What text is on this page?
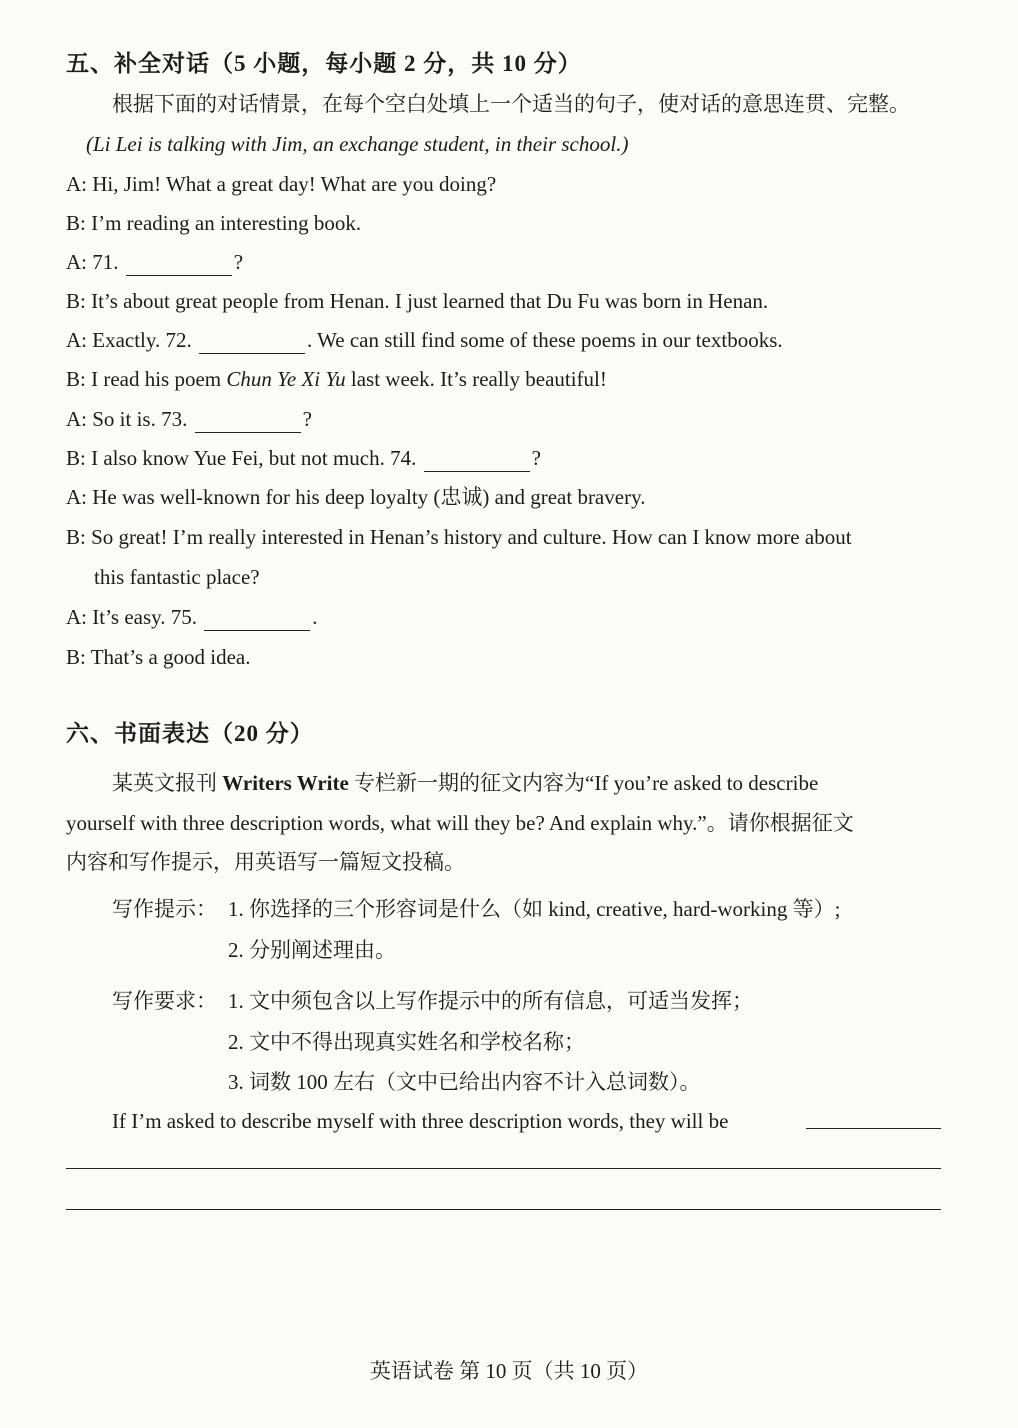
五、补全对话（5 小题，每小题 2 分，共 10 分）
根据下面的对话情景，在每个空白处填上一个适当的句子，使对话的意思连贯、完整。
(Li Lei is talking with Jim, an exchange student, in their school.)
A: Hi, Jim! What a great day! What are you doing?
B: I’m reading an interesting book.
A: 71.	?
B: It’s about great people from Henan. I just learned that Du Fu was born in Henan.
A: Exactly. 72.	. We can still find some of these poems in our textbooks.
B: I read his poem Chun Ye Xi Yu last week. It’s really beautiful!
A: So it is. 73.	?
B: I also know Yue Fei, but not much. 74.	?
A: He was well-known for his deep loyalty (忠诚) and great bravery.
B: So great! I’m really interested in Henan’s history and culture. How can I know more about
this fantastic place?
A: It’s easy. 75.	.
B: That’s a good idea.
六、书面表达（20 分）
某英文报刊 Writers Write 专栏新一期的征文内容为“If you’re asked to describe
yourself with three description words, what will they be? And explain why.”。请你根据征文
内容和写作提示，用英语写一篇短文投稿。
写作提示： 1. 你选择的三个形容词是什么（如 kind, creative, hard-working 等）;
2. 分别阐述理由。
写作要求： 1. 文中须包含以上写作提示中的所有信息，可适当发挥；
2. 文中不得出现真实姓名和学校名称；
3. 词数 100 左右（文中已给出内容不计入总词数）。
If I’m asked to describe myself with three description words, they will be
英语试卷 第 10 页（共 10 页）
